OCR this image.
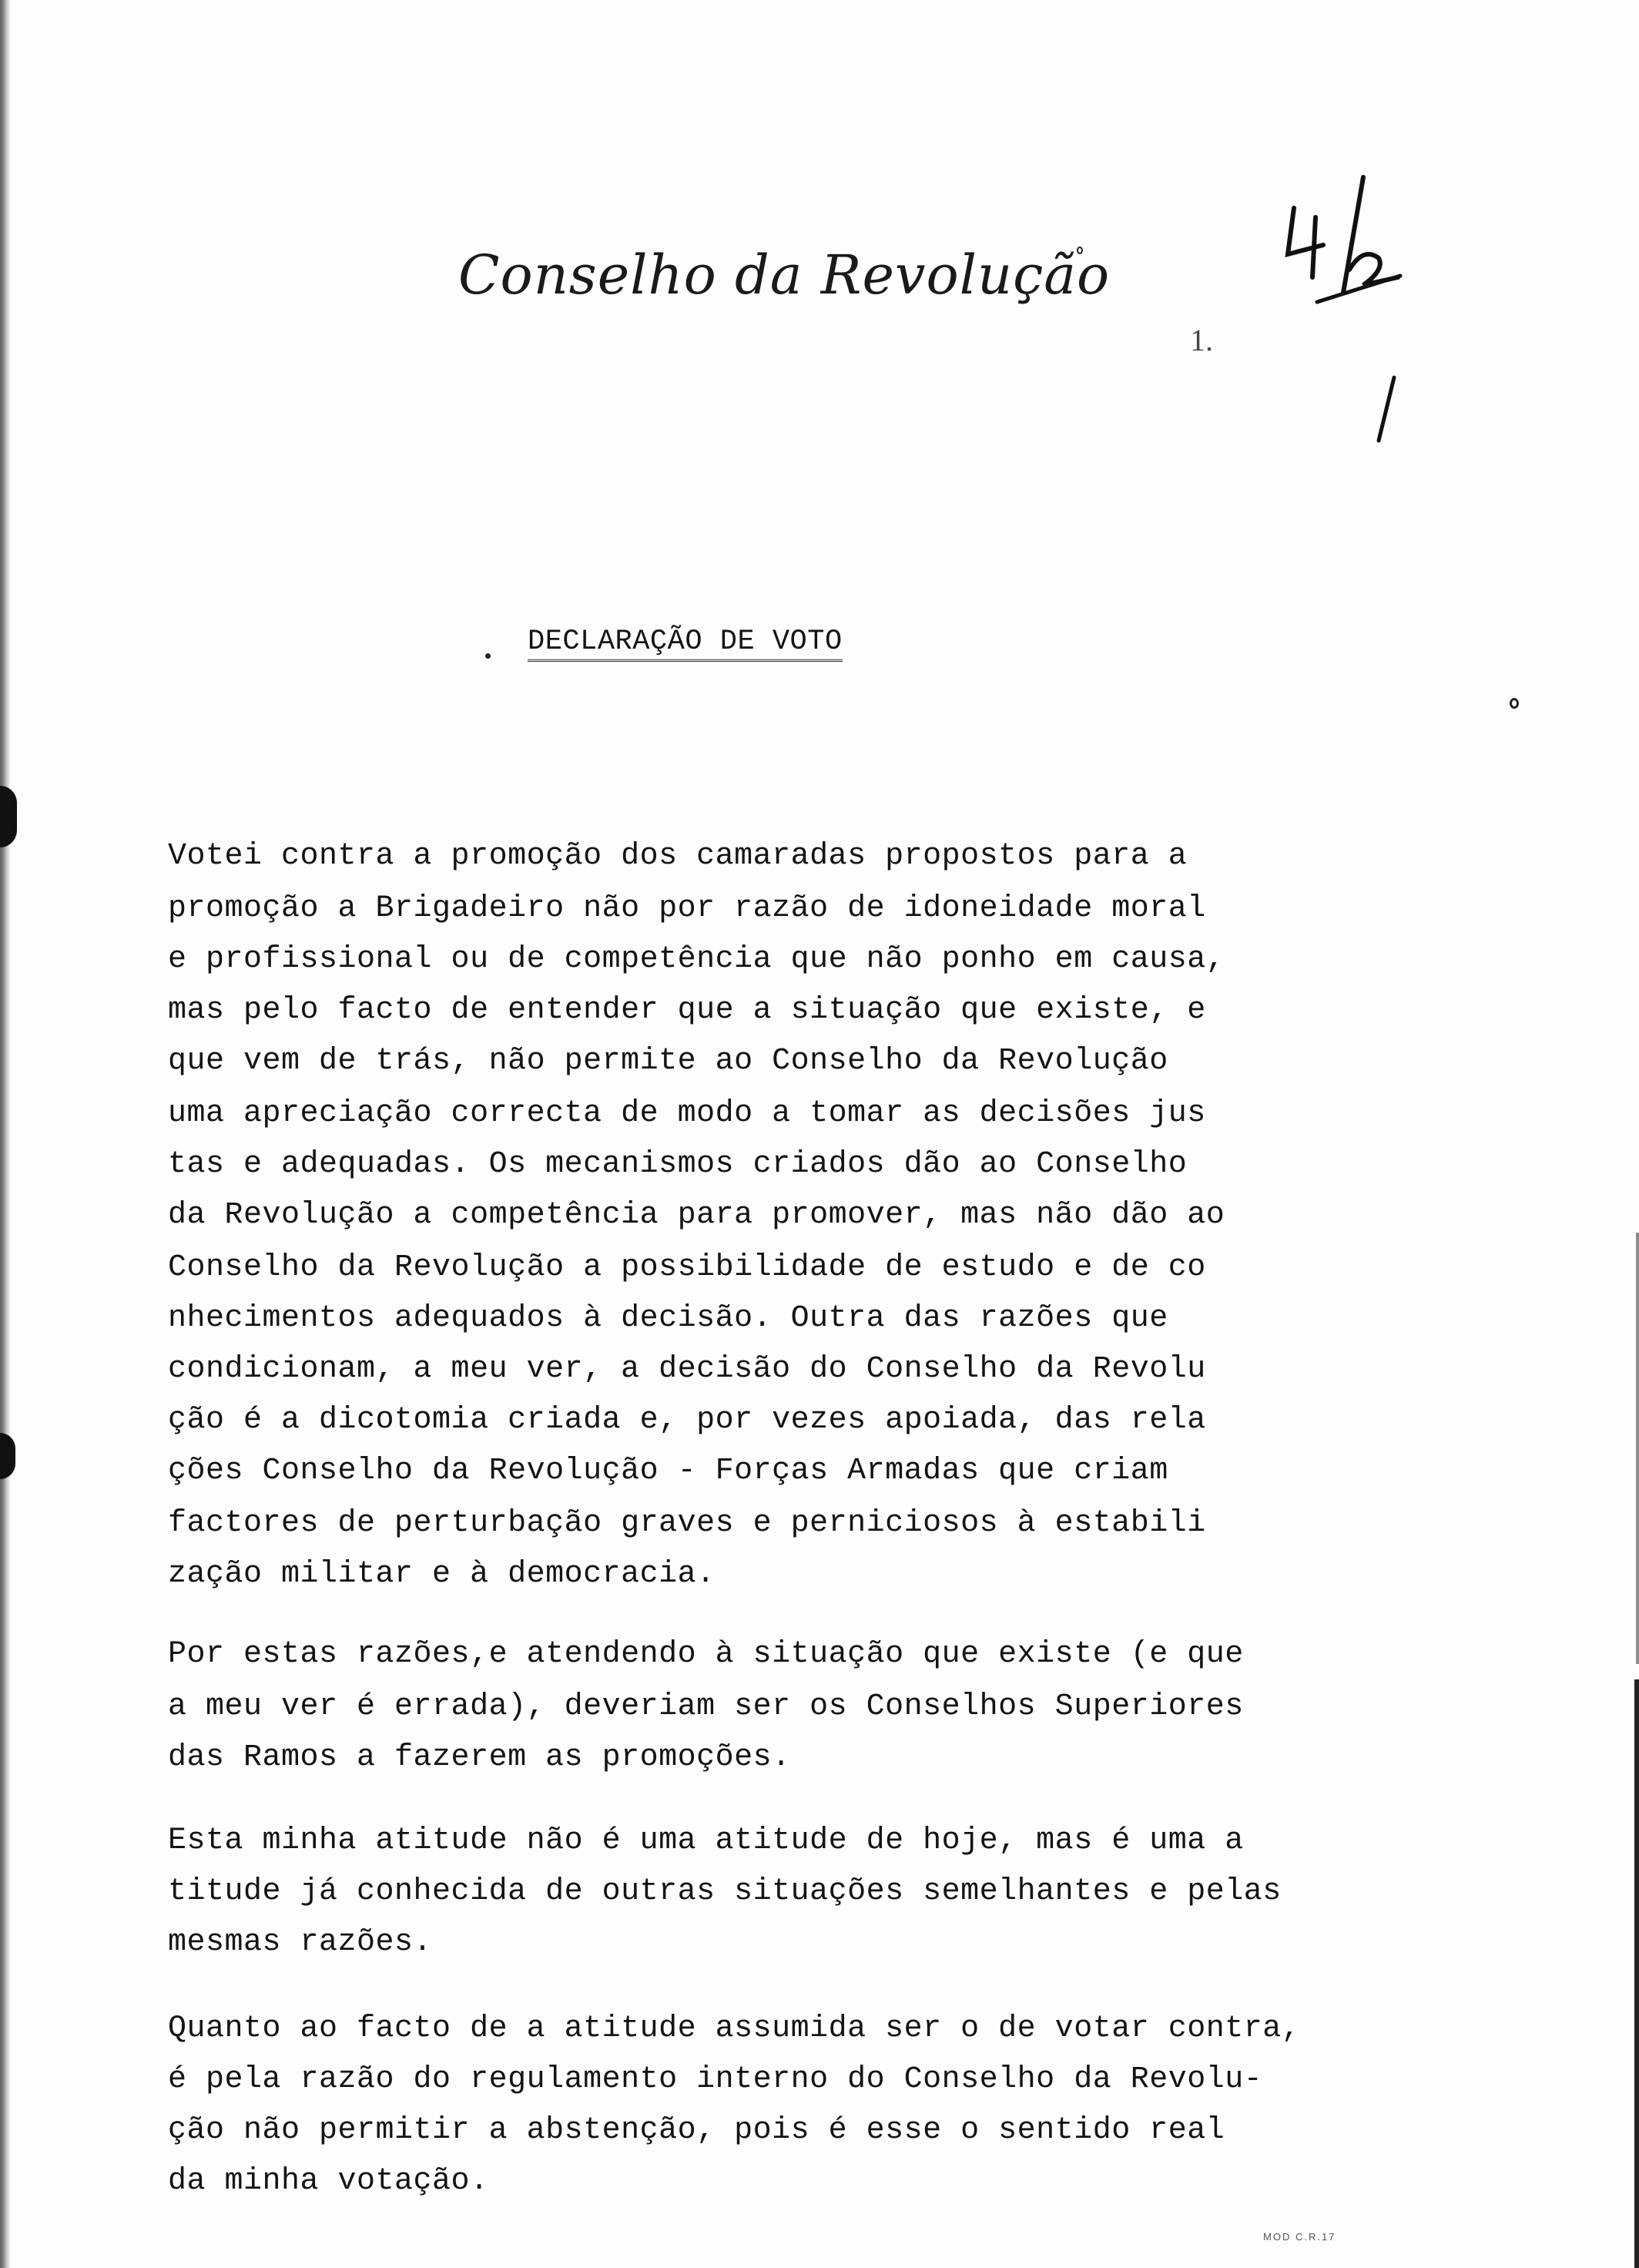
Conselho da Revolução
1.
DECLARAÇÃO DE VOTO
Votei contra a promoção dos camaradas propostos para a
promoção a Brigadeiro não por razão de idoneidade moral
e profissional ou de competência que não ponho em causa,
mas pelo facto de entender que a situação que existe, e
que vem de trás, não permite ao Conselho da Revolução
uma apreciação correcta de modo a tomar as decisões jus
tas e adequadas. Os mecanismos criados dão ao Conselho
da Revolução a competência para promover, mas não dão ao
Conselho da Revolução a possibilidade de estudo e de co
nhecimentos adequados à decisão. Outra das razões que
condicionam, a meu ver, a decisão do Conselho da Revolu
ção é a dicotomia criada e, por vezes apoiada, das rela
ções Conselho da Revolução - Forças Armadas que criam
factores de perturbação graves e perniciosos à estabili
zação militar e à democracia.
Por estas razões,e atendendo à situação que existe (e que
a meu ver é errada), deveriam ser os Conselhos Superiores
das Ramos a fazerem as promoções.
Esta minha atitude não é uma atitude de hoje, mas é uma a
titude já conhecida de outras situações semelhantes e pelas
mesmas razões.
Quanto ao facto de a atitude assumida ser o de votar contra,
é pela razão do regulamento interno do Conselho da Revolu-
ção não permitir a abstenção, pois é esse o sentido real
da minha votação.
MOD C.R.17
